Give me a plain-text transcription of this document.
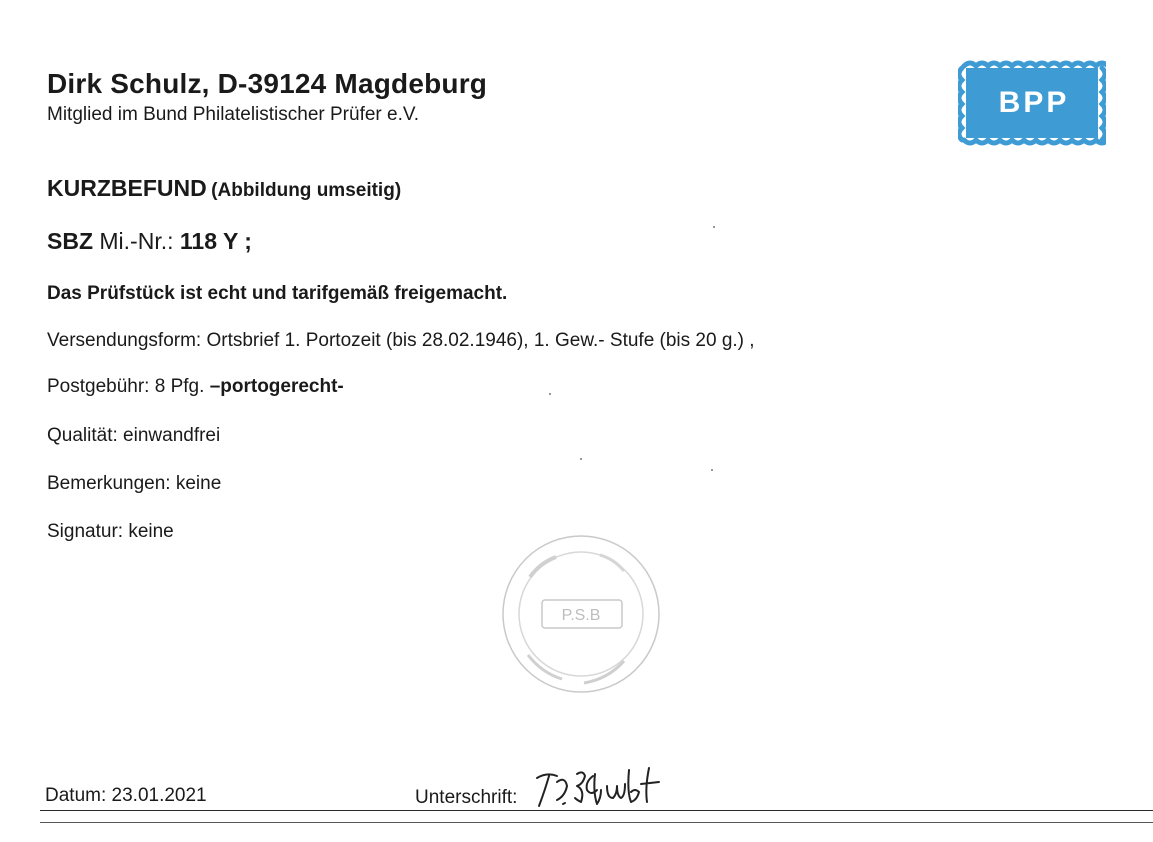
Dirk Schulz, D-39124 Magdeburg
Mitglied im Bund Philatelistischer Prüfer e.V.	BPP
KURZBEFUND (Abbildung umseitig)
SBZ Mi.-Nr.: 118 Y ;
Das Prüfstück ist echt und tarifgemäß freigemacht.
Versendungsform: Ortsbrief 1. Portozeit (bis 28.02.1946), 1. Gew.- Stufe (bis 20 g.) ,
Postgebühr: 8 Pfg. –portogerecht-
Qualität: einwandfrei
Bemerkungen: keine
Signatur: keine
P.S.B
Datum: 23.01.2021	Unterschrift:
